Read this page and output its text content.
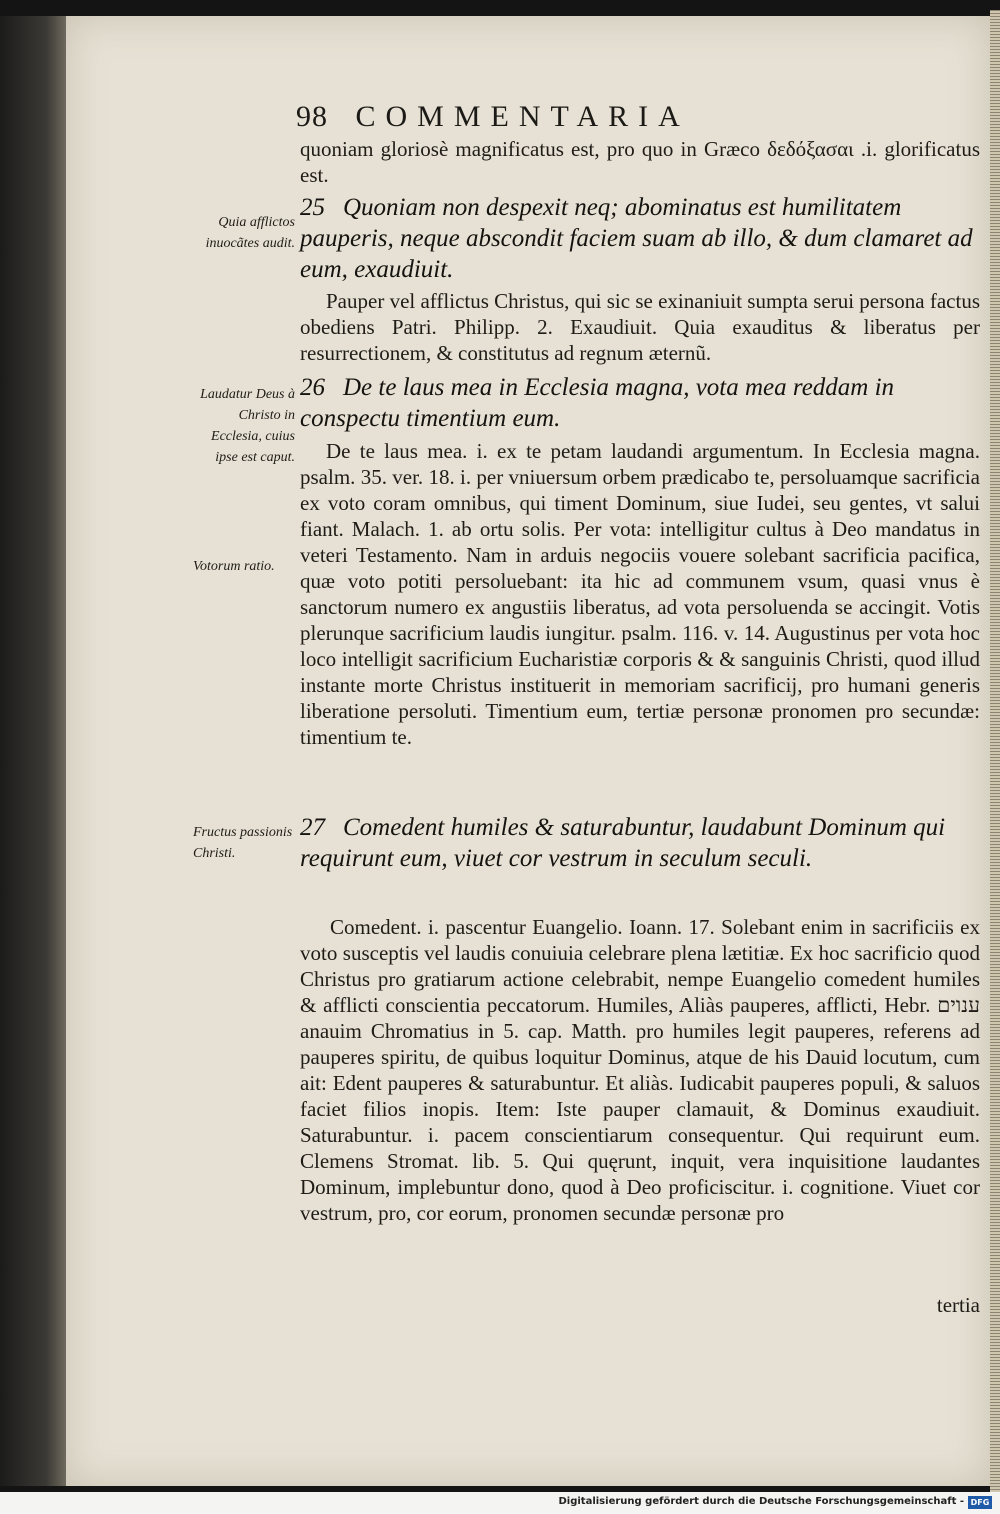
98 COMMENTARIA
quoniam gloriosè magnificatus est, pro quo in Græco δεδόξασαι .i. glorificatus est.
25 Quoniam non despexit neq; abominatus est humilitatem pauperis, neque abscondit faciem suam ab illo, & dum clamaret ad eum, exaudiuit.
Quia afflictos inuocãtes audit.
Pauper vel afflictus Christus, qui sic se exinaniuit sumpta serui persona factus obediens Patri. Philipp. 2. Exaudiuit. Quia exauditus & liberatus per resurrectionem, & constitutus ad regnum æternũ.
26 De te laus mea in Ecclesia magna, vota mea reddam in conspectu timentium eum.
Laudatur Deus à Christo in Ecclesia, cuius ipse est caput.	De te laus mea. i. ex te petam laudandi argumentum. In Ecclesia magna. psalm. 35. ver. 18. i. per vniuersum orbem prædicabo te, persoluamque sacrificia ex voto coram omnibus, qui timent Dominum, siue Iudei, seu gentes, vt salui fiant. Malach. 1. ab ortu solis. Per vota: intelligitur cultus à Deo mandatus in veteri Testamento. Nam in arduis negociis vouere solebant sacrificia pacifica, quæ voto potiti persoluebant: ita hic ad communem vsum, quasi vnus è sanctorum numero ex angustiis liberatus, ad vota persoluenda se accingit. Votis plerunque sacrificium laudis iungitur. psalm. 116. v. 14. Augustinus per vota hoc loco intelligit sacrificium Eucharistiæ corporis & & sanguinis Christi, quod illud instante morte Christus instituerit in memoriam sacrificij, pro humani generis liberatione persoluti. Timentium eum, tertiæ personæ pronomen pro secundæ: timentium te.
Votorum ratio.
27 Comedent humiles & saturabuntur, laudabunt Dominum qui requirunt eum, viuet cor vestrum in seculum seculi.
Fructus passionis Christi.
Comedent. i. pascentur Euangelio. Ioann. 17. Solebant enim in sacrificiis ex voto susceptis vel laudis conuiuia celebrare plena lætitiæ. Ex hoc sacrificio quod Christus pro gratiarum actione celebrabit, nempe Euangelio comedent humiles & afflicti conscientia peccatorum. Humiles, Aliàs pauperes, afflicti, Hebr. ענוים anauim Chromatius in 5. cap. Matth. pro humiles legit pauperes, referens ad pauperes spiritu, de quibus loquitur Dominus, atque de his Dauid locutum, cum ait: Edent pauperes & saturabuntur. Et aliàs. Iudicabit pauperes populi, & saluos faciet filios inopis. Item: Iste pauper clamauit, & Dominus exaudiuit. Saturabuntur. i. pacem conscientiarum consequentur. Qui requirunt eum. Clemens Stromat. lib. 5. Qui quęrunt, inquit, vera inquisitione laudantes Dominum, implebuntur dono, quod à Deo proficiscitur. i. cognitione. Viuet cor vestrum, pro, cor eorum, pronomen secundæ personæ pro
tertia
Digitalisierung gefördert durch die Deutsche Forschungsgemeinschaft - DFG
